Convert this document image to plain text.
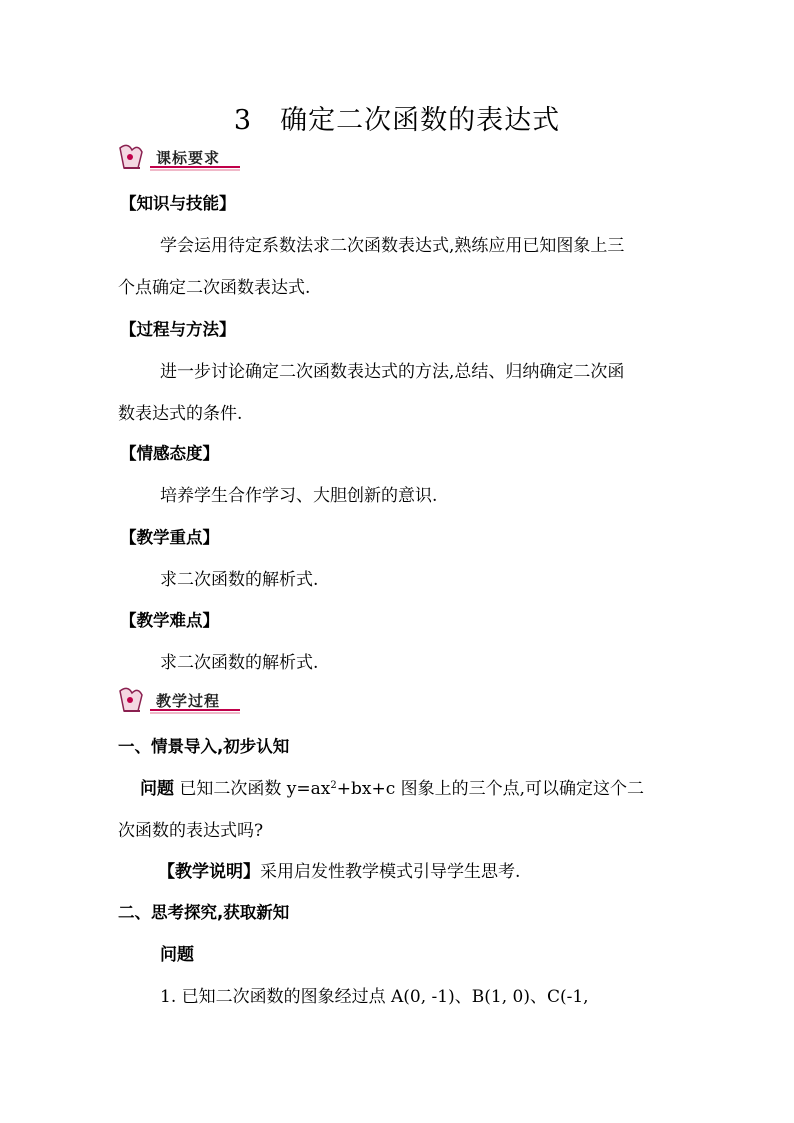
3 确定二次函数的表达式
课标要求
【知识与技能】
学会运用待定系数法求二次函数表达式,熟练应用已知图象上三
个点确定二次函数表达式.
【过程与方法】
进一步讨论确定二次函数表达式的方法,总结、归纳确定二次函
数表达式的条件.
【情感态度】
培养学生合作学习、大胆创新的意识.
【教学重点】
求二次函数的解析式.
【教学难点】
求二次函数的解析式.
教学过程
一、情景导入,初步认知
问题 已知二次函数 $y=ax^2+bx+c$ 图象上的三个点,可以确定这个二
次函数的表达式吗?
【教学说明】采用启发性教学模式引导学生思考.
二、思考探究,获取新知
问题
1. 已知二次函数的图象经过点 A(0, -1)、B(1, 0)、C(-1,
